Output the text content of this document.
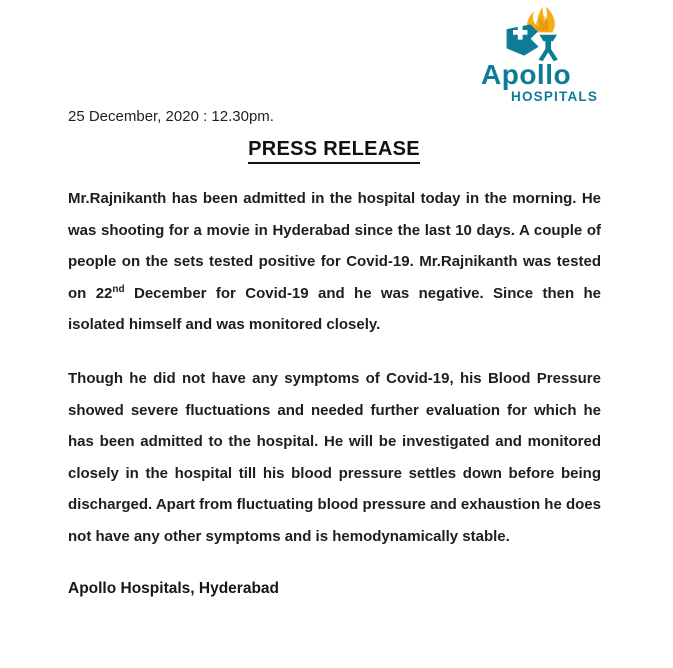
Apollo
HOSPITALS
25 December, 2020 : 12.30pm.
PRESS RELEASE

Mr.Rajnikanth has been admitted in the hospital today in the morning. He was shooting for a movie in Hyderabad since the last 10 days. A couple of people on the sets tested positive for Covid-19. Mr.Rajnikanth was tested on 22nd December for Covid-19 and he was negative. Since then he isolated himself and was monitored closely.

Though he did not have any symptoms of Covid-19, his Blood Pressure showed severe fluctuations and needed further evaluation for which he has been admitted to the hospital. He will be investigated and monitored closely in the hospital till his blood pressure settles down before being discharged. Apart from fluctuating blood pressure and exhaustion he does not have any other symptoms and is hemodynamically stable.

Apollo Hospitals, Hyderabad
